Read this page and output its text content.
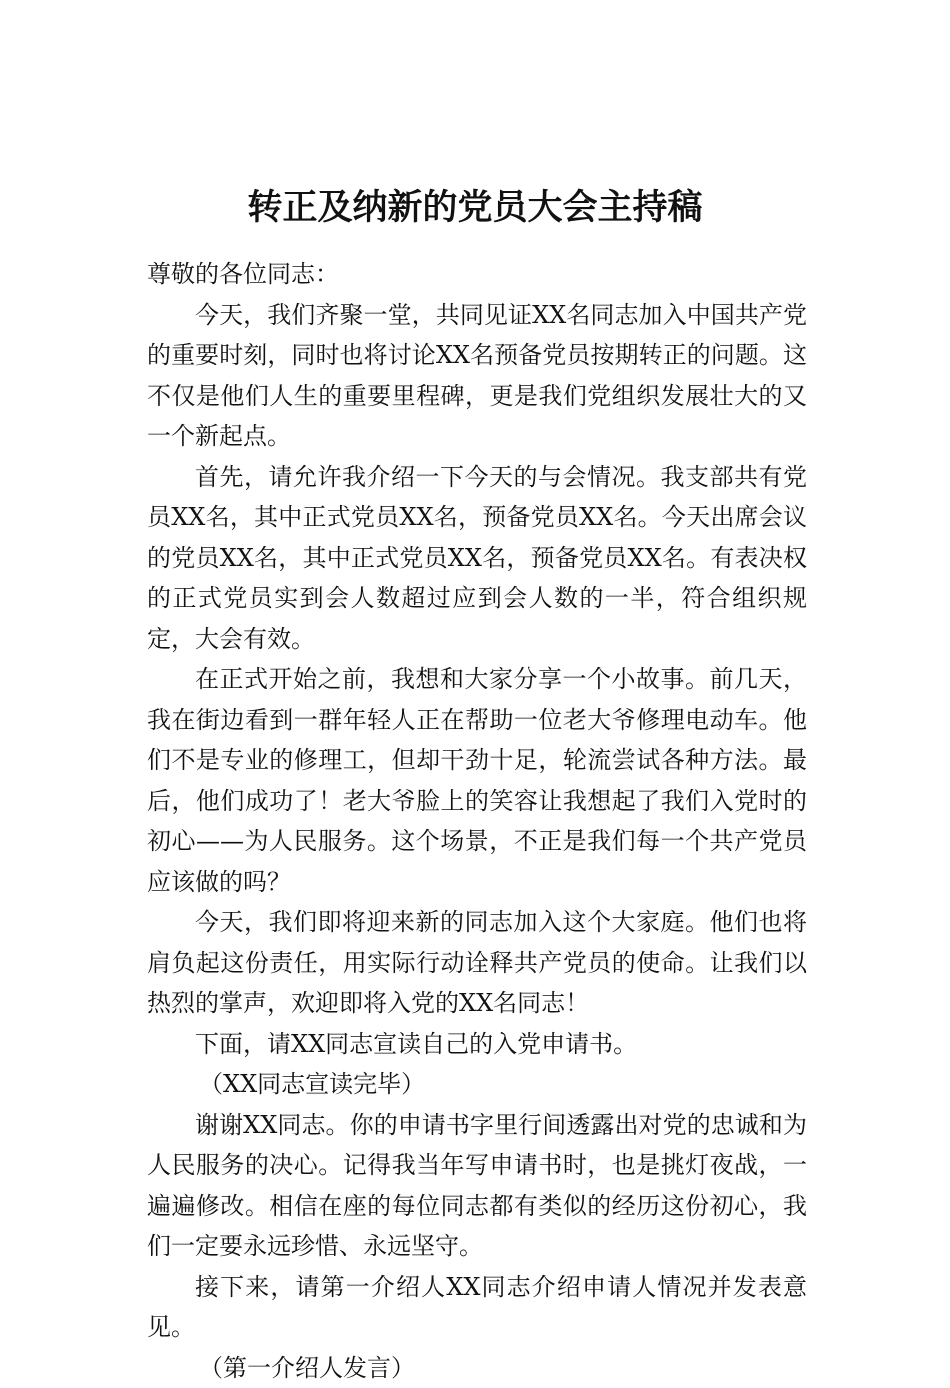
转正及纳新的党员大会主持稿

尊敬的各位同志：

今天，我们齐聚一堂，共同见证XX名同志加入中国共产党的重要时刻，同时也将讨论XX名预备党员按期转正的问题。这不仅是他们人生的重要里程碑，更是我们党组织发展壮大的又一个新起点。

首先，请允许我介绍一下今天的与会情况。我支部共有党员XX名，其中正式党员XX名，预备党员XX名。今天出席会议的党员XX名，其中正式党员XX名，预备党员XX名。有表决权的正式党员实到会人数超过应到会人数的一半，符合组织规定，大会有效。

在正式开始之前，我想和大家分享一个小故事。前几天，我在街边看到一群年轻人正在帮助一位老大爷修理电动车。他们不是专业的修理工，但却干劲十足，轮流尝试各种方法。最后，他们成功了！老大爷脸上的笑容让我想起了我们入党时的初心——为人民服务。这个场景，不正是我们每一个共产党员应该做的吗？

今天，我们即将迎来新的同志加入这个大家庭。他们也将肩负起这份责任，用实际行动诠释共产党员的使命。让我们以热烈的掌声，欢迎即将入党的XX名同志！

下面，请XX同志宣读自己的入党申请书。

（XX同志宣读完毕）

谢谢XX同志。你的申请书字里行间透露出对党的忠诚和为人民服务的决心。记得我当年写申请书时，也是挑灯夜战，一遍遍修改。相信在座的每位同志都有类似的经历这份初心，我们一定要永远珍惜、永远坚守。

接下来，请第一介绍人XX同志介绍申请人情况并发表意见。

（第一介绍人发言）
